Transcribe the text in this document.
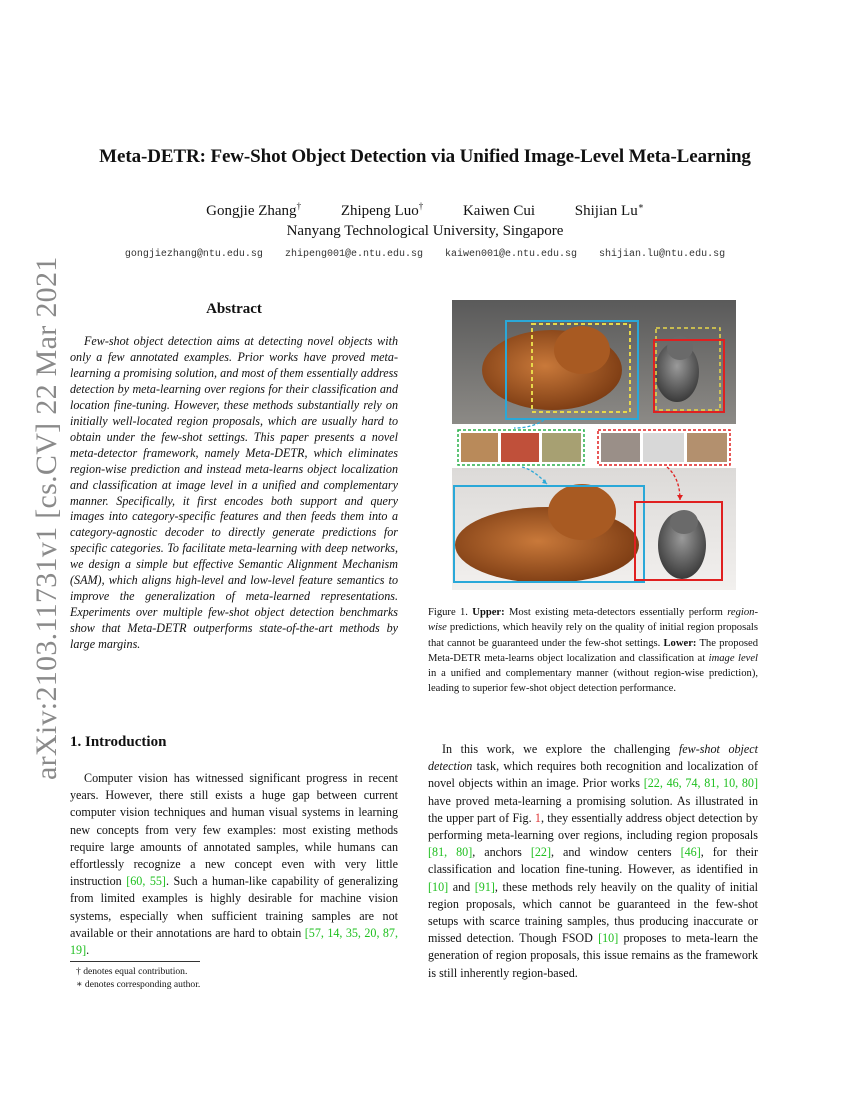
Meta-DETR: Few-Shot Object Detection via Unified Image-Level Meta-Learning
Gongjie Zhang†	Zhipeng Luo†	Kaiwen Cui	Shijian Lu∗
Nanyang Technological University, Singapore
gongjiezhang@ntu.edu.sg zhipeng001@e.ntu.edu.sg kaiwen001@e.ntu.edu.sg shijian.lu@ntu.edu.sg
arXiv:2103.11731v1 [cs.CV] 22 Mar 2021	Abstract
Few-shot object detection aims at detecting novel objects with only a few annotated examples. Prior works have proved meta-learning a promising solution, and most of them essentially address detection by meta-learning over regions for their classification and location fine-tuning. However, these methods substantially rely on initially well-located region proposals, which are usually hard to obtain under the few-shot settings. This paper presents a novel meta-detector framework, namely Meta-DETR, which eliminates region-wise prediction and instead meta-learns object localization and classification at image level in a unified and complementary manner. Specifically, it first encodes both support and query images into category-specific features and then feeds them into a category-agnostic decoder to directly generate predictions for specific categories. To facilitate meta-learning with deep networks, we design a simple but effective Semantic Alignment Mechanism (SAM), which aligns high-level and low-level feature semantics to improve the generalization of meta-learned representations. Experiments over multiple few-shot object detection benchmarks show that Meta-DETR outperforms state-of-the-art methods by large margins.
1. Introduction
Computer vision has witnessed significant progress in recent years. However, there still exists a huge gap between current computer vision techniques and human visual systems in learning new concepts from very few examples: most existing methods require large amounts of annotated samples, while humans can effortlessly recognize a new concept even with very little instruction [60, 55]. Such a human-like capability of generalizing from limited examples is highly desirable for machine vision systems, especially when sufficient training samples are not available or their annotations are hard to obtain [57, 14, 35, 20, 87, 19].
† denotes equal contribution.
∗ denotes corresponding author.
Figure 1. Upper: Most existing meta-detectors essentially perform region-wise predictions, which heavily rely on the quality of initial region proposals that cannot be guaranteed under the few-shot settings. Lower: The proposed Meta-DETR meta-learns object localization and classification at image level in a unified and complementary manner (without region-wise prediction), leading to superior few-shot object detection performance.
In this work, we explore the challenging few-shot object detection task, which requires both recognition and localization of novel objects within an image. Prior works [22, 46, 74, 81, 10, 80] have proved meta-learning a promising solution. As illustrated in the upper part of Fig. 1, they essentially address object detection by performing meta-learning over regions, including region proposals [81, 80], anchors [22], and window centers [46], for their classification and location fine-tuning. However, as identified in [10] and [91], these methods rely heavily on the quality of initial region proposals, which cannot be guaranteed in the few-shot setups with scarce training samples, thus producing inaccurate or missed detection. Though FSOD [10] proposes to meta-learn the generation of region proposals, this issue remains as the framework is still inherently region-based.
